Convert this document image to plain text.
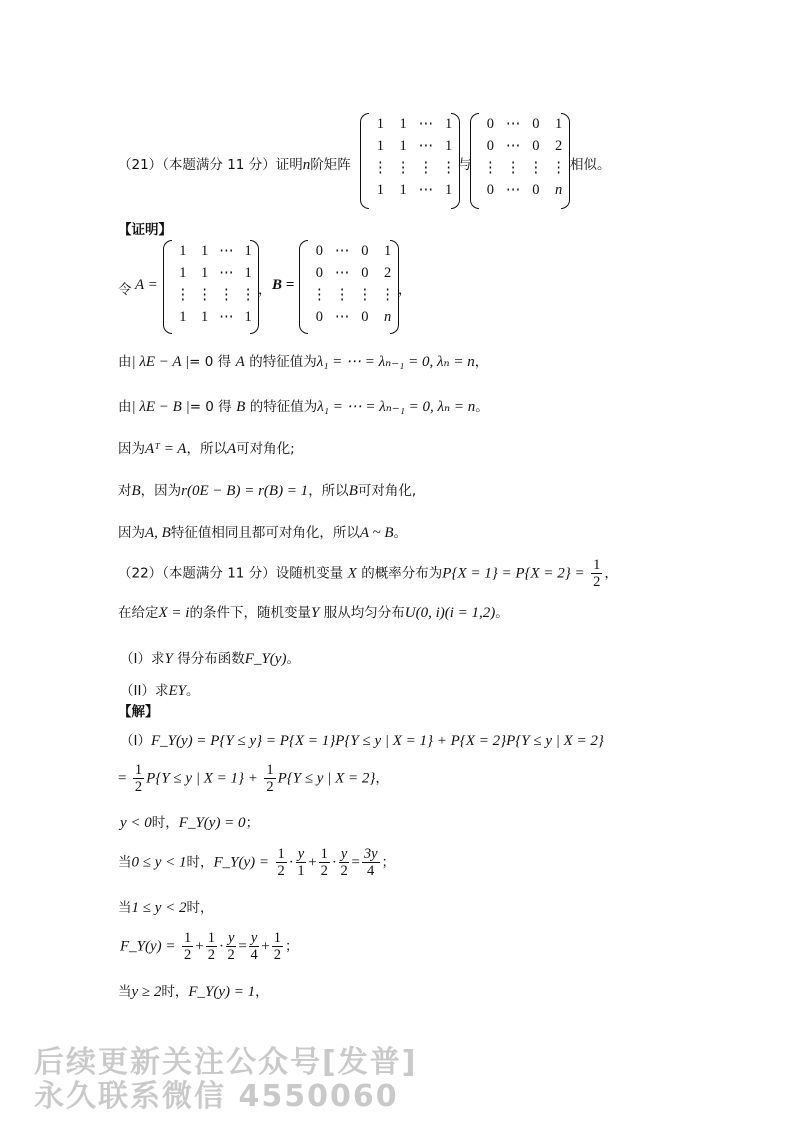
（21）（本题满分 11 分）证明n阶矩阵
1	1	⋯	1
1	1	⋯	1
⋮	⋮	⋮	⋮
1	1	⋯	1
与
0	⋯	0	1
0	⋯	0	2
⋮	⋮	⋮	⋮
0	⋯	0	n
相似。
【证明】
令 A =
1	1	⋯	1
1	1	⋯	1
⋮	⋮	⋮	⋮
1	1	⋯	1
， B =
0	⋯	0	1
0	⋯	0	2
⋮	⋮	⋮	⋮
0	⋯	0	n
，
由| λE − A |= 0 得 A 的特征值为λ₁ = ⋯ = λₙ₋₁ = 0, λₙ = n，
由| λE − B |= 0 得 B 的特征值为λ₁ = ⋯ = λₙ₋₁ = 0, λₙ = n。
因为Aᵀ = A，所以A可对角化;
对B，因为r(0E − B) = r(B) = 1，所以B可对角化,
因为A, B特征值相同且都可对角化，所以A ~ B。
（22）（本题满分 11 分）设随机变量 X 的概率分布为$P\{X = 1\} = P\{X = 2\} = \frac{1}{2}$ ，
在给定X = i的条件下，随机变量Y 服从均匀分布U(0, i)(i = 1,2)。
（I）求Y 得分布函数F_Y(y)。
（II）求EY。
【解】
（I）F_Y(y) = P{Y ≤ y} = P{X = 1}P{Y ≤ y | X = 1} + P{X = 2}P{Y ≤ y | X = 2}
= $\frac{1}{2} P\{Y \le y$ | $X = 1\} + \frac{1}{2} P\{Y \le y$ | X = 2}，
y < 0时，F_Y(y) = 0；
当0 ≤ y < 1时，F_Y(y) = $\frac{1}{2} \cdot \frac{y}{1} + \frac{1}{2} \cdot \frac{y}{2} = \frac{3y}{4}$ ；
当1 ≤ y < 2时，
F_Y(y) = $\frac{1}{2} + \frac{1}{2} \cdot \frac{y}{2} = \frac{y}{4} + \frac{1}{2}$ ；
当y ≥ 2时，F_Y(y) = 1，
后续更新关注公众号[发普]
永久联系微信 4550060
